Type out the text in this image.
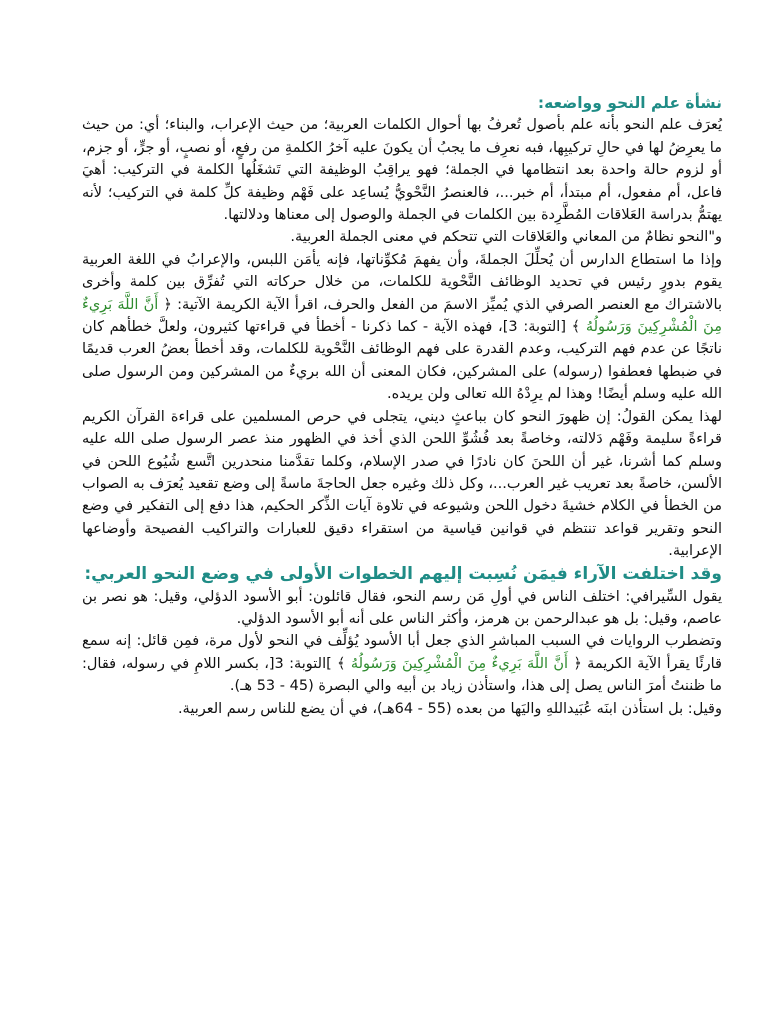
نشأة علم النحو وواضعه:

يُعرَف علم النحو بأنه علم بأصول تُعرفُ بها أحوال الكلمات العربية؛ من حيث الإعراب، والبناء؛ أي: من حيث ما يعرِضُ لها في حالِ تركيبِها، فبه نعرِف ما يجبُ أن يكونَ عليه آخرُ الكلمةِ من رفعٍ، أو نصبٍ، أو جرٍّ، أو جزم، أو لزوم حالة واحدة بعد انتظامها في الجملة؛ فهو يراقِبُ الوظيفة التي تَشغَلُها الكلمة في التركيب: أهيَ فاعل، أم مفعول، أم مبتدأ، أم خبر...، فالعنصرُ النَّحْويُّ يُساعِد على فَهْم وظيفة كلِّ كلمة في التركيب؛ لأنه يهتمُّ بدراسة العَلاقات المُطَّرِدة بين الكلمات في الجملة والوصول إلى معناها ودلالتها.

و"النحو نظامٌ من المعاني والعَلاقات التي تتحكم في معنى الجملة العربية.

وإذا ما استطاع الدارس أن يُحلِّلَ الجملةَ، وأن يفهمَ مُكوِّناتها، فإنه يأمَن اللبس، والإعرابُ في اللغة العربية يقوم بدورٍ رئيس في تحديد الوظائف النَّحْوية للكلمات، من خلال حركاته التي تُفرِّق بين كلمة وأخرى بالاشتراك مع العنصر الصرفي الذي يُميِّز الاسمَ من الفعل والحرف، اقرأ الآية الكريمة الآتية: ﴿ أَنَّ اللَّهَ بَرِيءٌ مِنَ الْمُشْرِكِينَ وَرَسُولُهُ ﴾ [التوبة: 3]، فهذه الآية - كما ذكرنا - أخطأ في قراءتها كثيرون، ولعلَّ خطأهم كان ناتجًا عن عدم فهم التركيب، وعدم القدرة على فهم الوظائف النَّحْوية للكلمات، وقد أخطأ بعضُ العرب قديمًا في ضبطها فعطفوا (رسوله) على المشركين، فكان المعنى أن الله بريءٌ من المشركين ومن الرسول صلى الله عليه وسلم أيضًا! وهذا لم يرِدْهُ الله تعالى ولن يريده.

لهذا يمكن القولُ: إن ظهورَ النحو كان بباعثٍ ديني، يتجلى في حرص المسلمين على قراءة القرآن الكريم قراءةً سليمة وفَهْم دَلالته، وخاصةً بعد فُشُوِّ اللحن الذي أخذ في الظهور منذ عصر الرسول صلى الله عليه وسلم كما أشرنا، غير أن اللحنَ كان نادرًا في صدر الإسلام، وكلما تقدَّمنا منحدرين اتَّسع شُيُوع اللحن في الألسن، خاصةً بعد تعريب غير العرب...، وكل ذلك وغيره جعل الحاجةَ ماسةً إلى وضع تقعيد يُعرَف به الصواب من الخطأ في الكلام خشيةَ دخول اللحن وشيوعه في تلاوة آيات الذِّكر الحكيم، هذا دفع إلى التفكير في وضع النحو وتقرير قواعد تنتظم في قوانين قياسية من استقراء دقيق للعبارات والتراكيب الفصيحة وأوضاعها الإعرابية.

وقد اختلفت الآراء فيمَن نُسِبت إليهم الخطوات الأولى في وضع النحو العربي:

يقول السِّيرافي: اختلف الناس في أولِ مَن رسم النحو، فقال قائلون: أبو الأسود الدؤلي، وقيل: هو نصر بن عاصم، وقيل: بل هو عبدالرحمن بن هرمز، وأكثر الناس على أنه أبو الأسود الدؤلي.

وتضطرب الروايات في السبب المباشرِ الذي جعل أبا الأسود يُؤلِّف في النحو لأول مرة، فمِن قائل: إنه سمع قارئًا يقرأ الآية الكريمة ﴿ أَنَّ اللَّهَ بَرِيءٌ مِنَ الْمُشْرِكِينَ وَرَسُولُهُ ﴾ ]التوبة: 3[، بكسر اللامِ في رسوله، فقال: ما ظننتُ أمرَ الناس يصل إلى هذا، واستأذن زياد بن أبيه والي البصرة (45 - 53 هـ).

وقيل: بل استأذن ابنَه عُبَيداللهِ واليَها من بعده (55 - 64هـ)، في أن يضع للناس رسم العربية.
